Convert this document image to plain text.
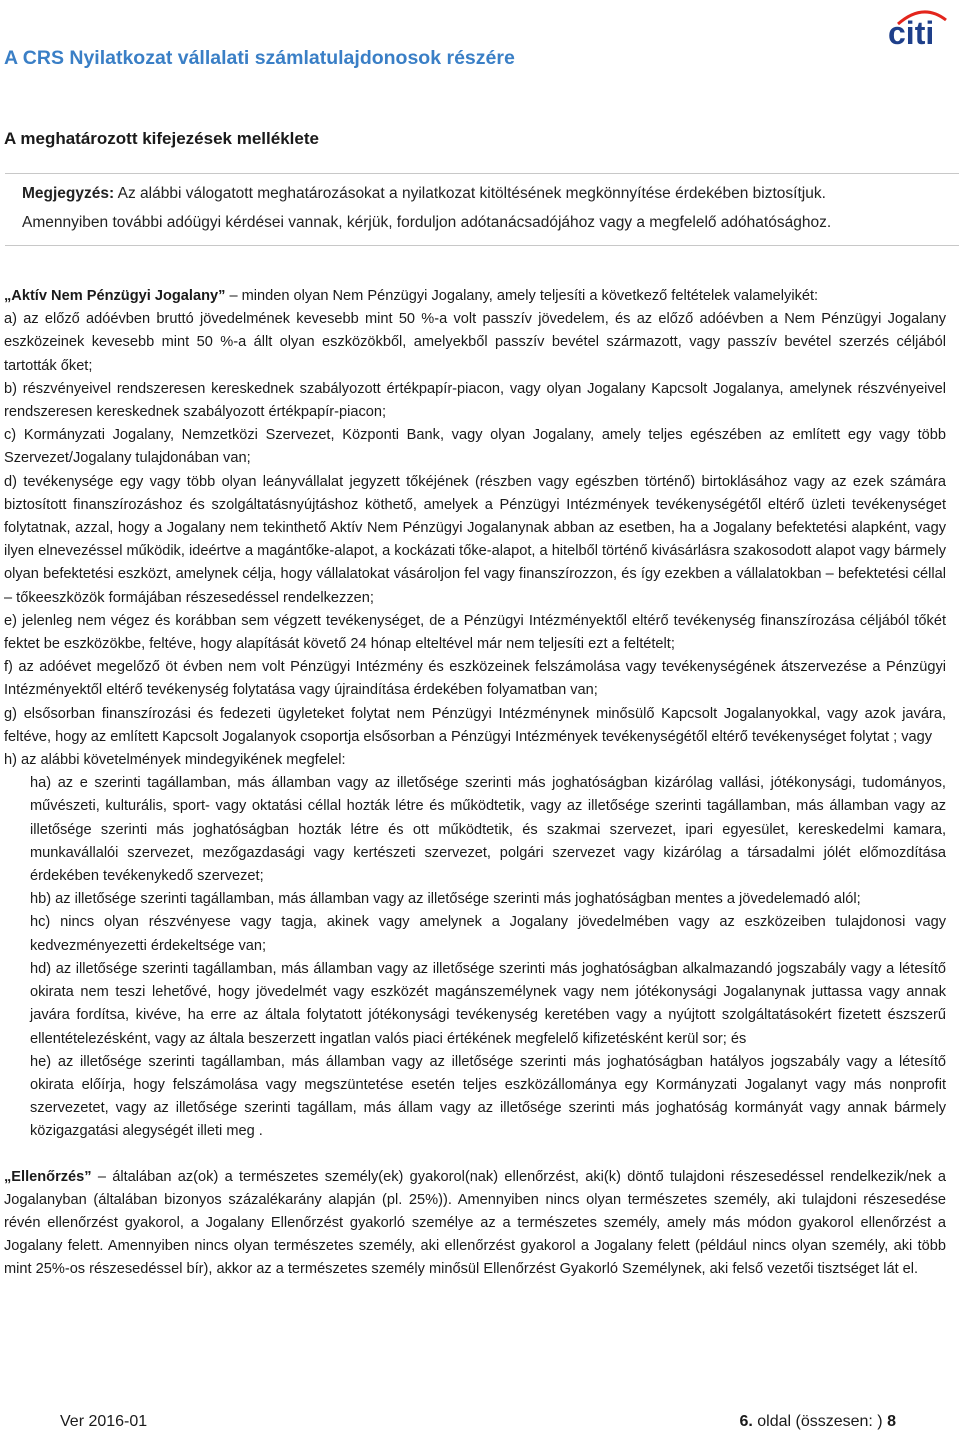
citi
A CRS Nyilatkozat vállalati számlatulajdonosok részére
A meghatározott kifejezések melléklete
Megjegyzés: Az alábbi válogatott meghatározásokat a nyilatkozat kitöltésének megkönnyítése érdekében biztosítjuk.
Amennyiben további adóügyi kérdései vannak, kérjük, forduljon adótanácsadójához vagy a megfelelő adóhatósághoz.

„Aktív Nem Pénzügyi Jogalany” – minden olyan Nem Pénzügyi Jogalany, amely teljesíti a következő feltételek valamelyikét:

a) az előző adóévben bruttó jövedelmének kevesebb mint 50 %-a volt passzív jövedelem, és az előző adóévben a Nem Pénzügyi Jogalany eszközeinek kevesebb mint 50 %-a állt olyan eszközökből, amelyekből passzív bevétel származott, vagy passzív bevétel szerzés céljából tartották őket;

b) részvényeivel rendszeresen kereskednek szabályozott értékpapír-piacon, vagy olyan Jogalany Kapcsolt Jogalanya, amelynek részvényeivel rendszeresen kereskednek szabályozott értékpapír-piacon;

c) Kormányzati Jogalany, Nemzetközi Szervezet, Központi Bank, vagy olyan Jogalany, amely teljes egészében az említett egy vagy több Szervezet/Jogalany tulajdonában van;

d) tevékenysége egy vagy több olyan leányvállalat jegyzett tőkéjének (részben vagy egészben történő) birtoklásához vagy az ezek számára biztosított finanszírozáshoz és szolgáltatásnyújtáshoz köthető, amelyek a Pénzügyi Intézmények tevékenységétől eltérő üzleti tevékenységet folytatnak, azzal, hogy a Jogalany nem tekinthető Aktív Nem Pénzügyi Jogalanynak abban az esetben, ha a Jogalany befektetési alapként, vagy ilyen elnevezéssel működik, ideértve a magántőke-alapot, a kockázati tőke-alapot, a hitelből történő kivásárlásra szakosodott alapot vagy bármely olyan befektetési eszközt, amelynek célja, hogy vállalatokat vásároljon fel vagy finanszírozzon, és így ezekben a vállalatokban – befektetési céllal – tőkeeszközök formájában részesedéssel rendelkezzen;

e) jelenleg nem végez és korábban sem végzett tevékenységet, de a Pénzügyi Intézményektől eltérő tevékenység finanszírozása céljából tőkét fektet be eszközökbe, feltéve, hogy alapítását követő 24 hónap elteltével már nem teljesíti ezt a feltételt;

f) az adóévet megelőző öt évben nem volt Pénzügyi Intézmény és eszközeinek felszámolása vagy tevékenységének átszervezése a Pénzügyi Intézményektől eltérő tevékenység folytatása vagy újraindítása érdekében folyamatban van;

g) elsősorban finanszírozási és fedezeti ügyleteket folytat nem Pénzügyi Intézménynek minősülő Kapcsolt Jogalanyokkal, vagy azok javára, feltéve, hogy az említett Kapcsolt Jogalanyok csoportja elsősorban a Pénzügyi Intézmények tevékenységétől eltérő tevékenységet folytat ; vagy

h) az alábbi követelmények mindegyikének megfelel:

ha) az e szerinti tagállamban, más államban vagy az illetősége szerinti más joghatóságban kizárólag vallási, jótékonysági, tudományos, művészeti, kulturális, sport- vagy oktatási céllal hozták létre és működtetik, vagy az illetősége szerinti tagállamban, más államban vagy az illetősége szerinti más joghatóságban hozták létre és ott működtetik, és szakmai szervezet, ipari egyesület, kereskedelmi kamara, munkavállalói szervezet, mezőgazdasági vagy kertészeti szervezet, polgári szervezet vagy kizárólag a társadalmi jólét előmozdítása érdekében tevékenykedő szervezet;

hb) az illetősége szerinti tagállamban, más államban vagy az illetősége szerinti más joghatóságban mentes a jövedelemadó alól;

hc) nincs olyan részvényese vagy tagja, akinek vagy amelynek a Jogalany jövedelmében vagy az eszközeiben tulajdonosi vagy kedvezményezetti érdekeltsége van;

hd) az illetősége szerinti tagállamban, más államban vagy az illetősége szerinti más joghatóságban alkalmazandó jogszabály vagy a létesítő okirata nem teszi lehetővé, hogy jövedelmét vagy eszközét magánszemélynek vagy nem jótékonysági Jogalanynak juttassa vagy annak javára fordítsa, kivéve, ha erre az általa folytatott jótékonysági tevékenység keretében vagy a nyújtott szolgáltatásokért fizetett észszerű ellentételezésként, vagy az általa beszerzett ingatlan valós piaci értékének megfelelő kifizetésként kerül sor; és

he) az illetősége szerinti tagállamban, más államban vagy az illetősége szerinti más joghatóságban hatályos jogszabály vagy a létesítő okirata előírja, hogy felszámolása vagy megszüntetése esetén teljes eszközállománya egy Kormányzati Jogalanyt vagy más nonprofit szervezetet, vagy az illetősége szerinti tagállam, más állam vagy az illetősége szerinti más joghatóság kormányát vagy annak bármely közigazgatási alegységét illeti meg .

„Ellenőrzés” – általában az(ok) a természetes személy(ek) gyakorol(nak) ellenőrzést, aki(k) döntő tulajdoni részesedéssel rendelkezik/nek a Jogalanyban (általában bizonyos százalékarány alapján (pl. 25%)). Amennyiben nincs olyan természetes személy, aki tulajdoni részesedése révén ellenőrzést gyakorol, a Jogalany Ellenőrzést gyakorló személye az a természetes személy, amely más módon gyakorol ellenőrzést a Jogalany felett. Amennyiben nincs olyan természetes személy, aki ellenőrzést gyakorol a Jogalany felett (például nincs olyan személy, aki több mint 25%-os részesedéssel bír), akkor az a természetes személy minősül Ellenőrzést Gyakorló Személynek, aki felső vezetői tisztséget lát el.

Ver 2016-01	6. oldal (összesen: ) 8
